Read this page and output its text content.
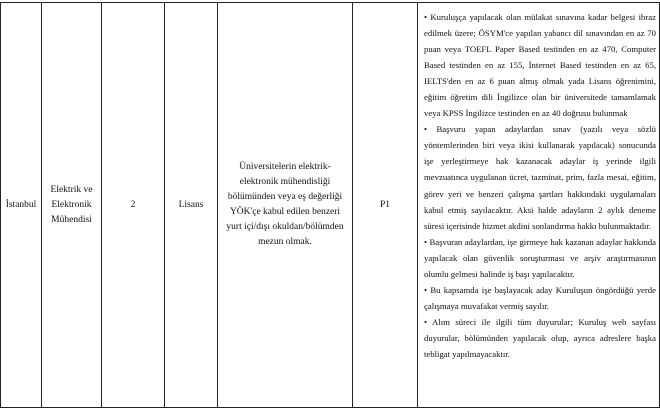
İstanbul
Elektrik ve Elektronik Mühendisi
2	Lisans
Üniversitelerin elektrik-elektronik mühendisliği bölümünden veya eş değerliği YÖK'çe kabul edilen benzeri yurt içi/dışı okuldan/bölümden mezun olmak.
P1

• Kuruluşça yapılacak olan mülakat sınavına kadar belgesi ibraz edilmek üzere; ÖSYM'ce yapılan yabancı dil sınavından en az 70 puan veya TOEFL Paper Based testinden en az 470, Computer Based testinden en az 155, İnternet Based testinden en az 65, IELTS'den en az 6 puan almış olmak yada Lisans öğrenimini, eğitim öğretim dili İngilizce olan bir üniversitede tamamlamak veya KPSS İngilizce testinden en az 40 doğrusu bulunmak

• Başvuru yapan adaylardan sınav (yazılı veya sözlü yöntemlerinden biri veya ikisi kullanarak yapılacak) sonucunda işe yerleştirmeye hak kazanacak adaylar iş yerinde ilgili mevzuatınca uygulanan ücret, tazminat, prim, fazla mesai, eğitim, görev yeri ve benzeri çalışma şartları hakkındaki uygulamaları kabul etmiş sayılacaktır. Aksi halde adayların 2 aylık deneme süresi içerisinde hizmet akdini sonlandırma hakkı bulunmaktadır.

• Başvuran adaylardan, işe girmeye hak kazanan adaylar hakkında yapılacak olan güvenlik soruşturması ve arşiv araştırmasının olumlu gelmesi halinde iş başı yapılacaktır.

• Bu kapsamda işe başlayacak aday Kuruluşun öngördüğü yerde çalışmaya muvafakat vermiş sayılır.

• Alım süreci ile ilgili tüm duyurular; Kuruluş web sayfası duyurular, bölümünden yapılacak olup, ayrıca adreslere başka tebligat yapılmayacaktır.
